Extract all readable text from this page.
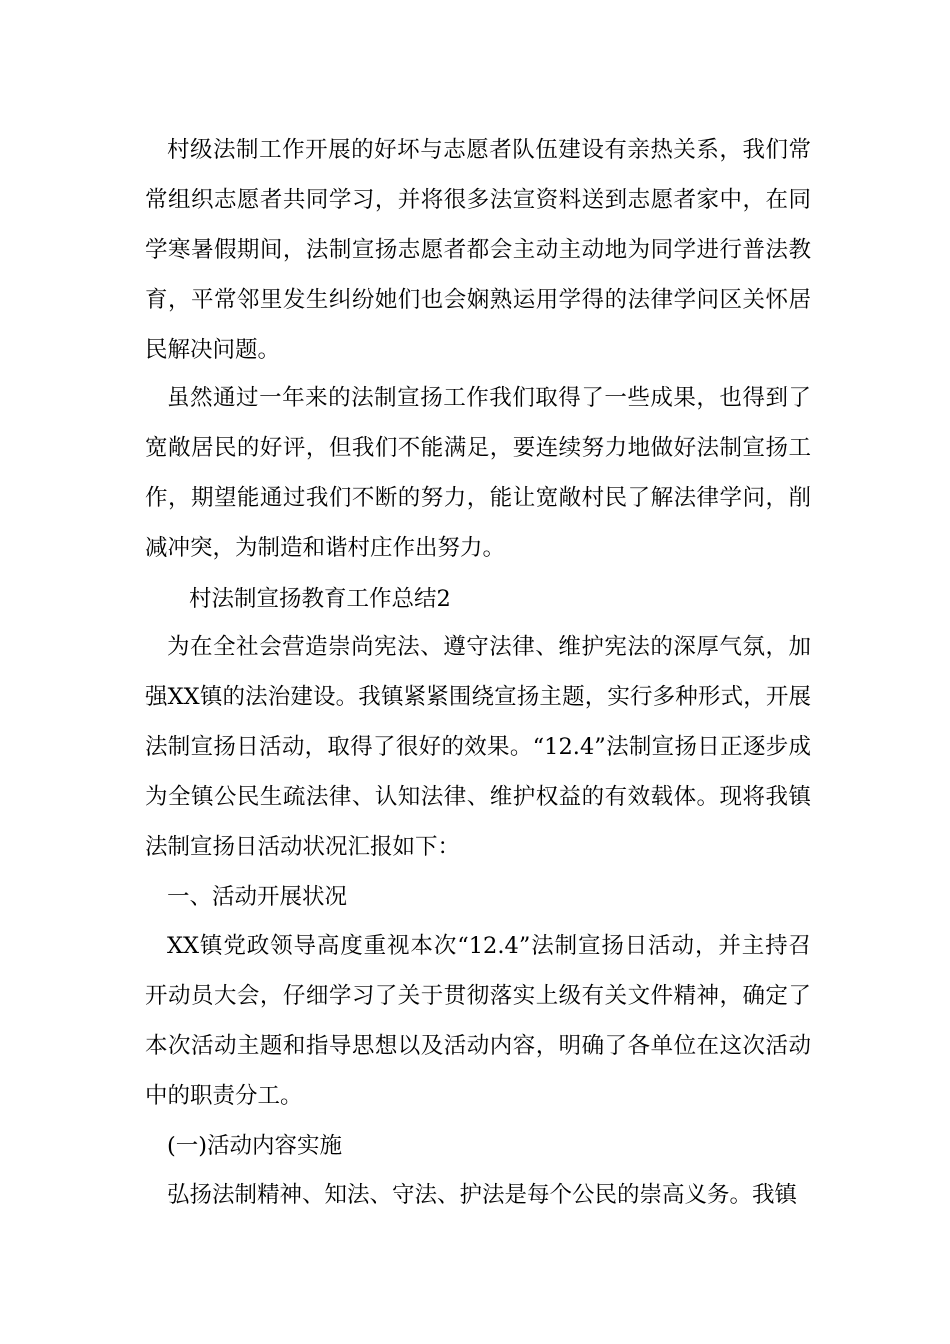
村级法制工作开展的好坏与志愿者队伍建设有亲热关系，我们常常组织志愿者共同学习，并将很多法宣资料送到志愿者家中，在同学寒暑假期间，法制宣扬志愿者都会主动主动地为同学进行普法教育，平常邻里发生纠纷她们也会娴熟运用学得的法律学问区关怀居民解决问题。

虽然通过一年来的法制宣扬工作我们取得了一些成果，也得到了宽敞居民的好评，但我们不能满足，要连续努力地做好法制宣扬工作，期望能通过我们不断的努力，能让宽敞村民了解法律学问，削减冲突，为制造和谐村庄作出努力。

村法制宣扬教育工作总结2

为在全社会营造崇尚宪法、遵守法律、维护宪法的深厚气氛，加强XX镇的法治建设。我镇紧紧围绕宣扬主题，实行多种形式，开展法制宣扬日活动，取得了很好的效果。“12.4”法制宣扬日正逐步成为全镇公民生疏法律、认知法律、维护权益的有效载体。现将我镇法制宣扬日活动状况汇报如下：

一、活动开展状况

XX镇党政领导高度重视本次“12.4”法制宣扬日活动，并主持召开动员大会，仔细学习了关于贯彻落实上级有关文件精神，确定了本次活动主题和指导思想以及活动内容，明确了各单位在这次活动中的职责分工。

(一)活动内容实施

弘扬法制精神、知法、守法、护法是每个公民的崇高义务。我镇
